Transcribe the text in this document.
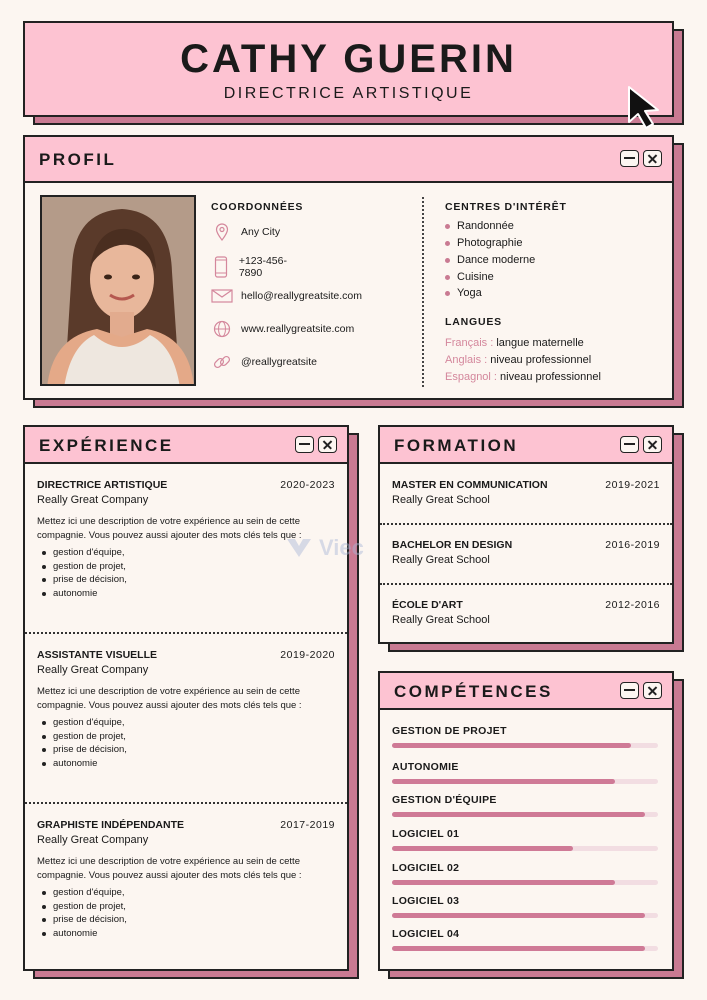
CATHY GUERIN
DIRECTRICE ARTISTIQUE
PROFIL
COORDONNÉES
Any City
+123-456-7890
hello@reallygreatsite.com
www.reallygreatsite.com
@reallygreatsite
CENTRES D'INTÉRÊT
Randonnée
Photographie
Dance moderne
Cuisine
Yoga
LANGUES
Français : langue maternelle
Anglais : niveau professionnel
Espagnol : niveau professionnel
EXPÉRIENCE
DIRECTRICE ARTISTIQUE	2020-2023
Really Great Company
Mettez ici une description de votre expérience au sein de cette compagnie. Vous pouvez aussi ajouter des mots clés tels que :
gestion d'équipe,
gestion de projet,
prise de décision,
autonomie
ASSISTANTE VISUELLE	2019-2020
Really Great Company
Mettez ici une description de votre expérience au sein de cette compagnie. Vous pouvez aussi ajouter des mots clés tels que :
gestion d'équipe,
gestion de projet,
prise de décision,
autonomie
GRAPHISTE INDÉPENDANTE	2017-2019
Really Great Company
Mettez ici une description de votre expérience au sein de cette compagnie. Vous pouvez aussi ajouter des mots clés tels que :
gestion d'équipe,
gestion de projet,
prise de décision,
autonomie
FORMATION
MASTER EN COMMUNICATION	2019-2021
Really Great School
BACHELOR EN DESIGN	2016-2019
Really Great School
ÉCOLE D'ART	2012-2016
Really Great School
COMPÉTENCES
GESTION DE PROJET
AUTONOMIE
GESTION D'ÉQUIPE
LOGICIEL 01
LOGICIEL 02
LOGICIEL 03
LOGICIEL 04
Viec
